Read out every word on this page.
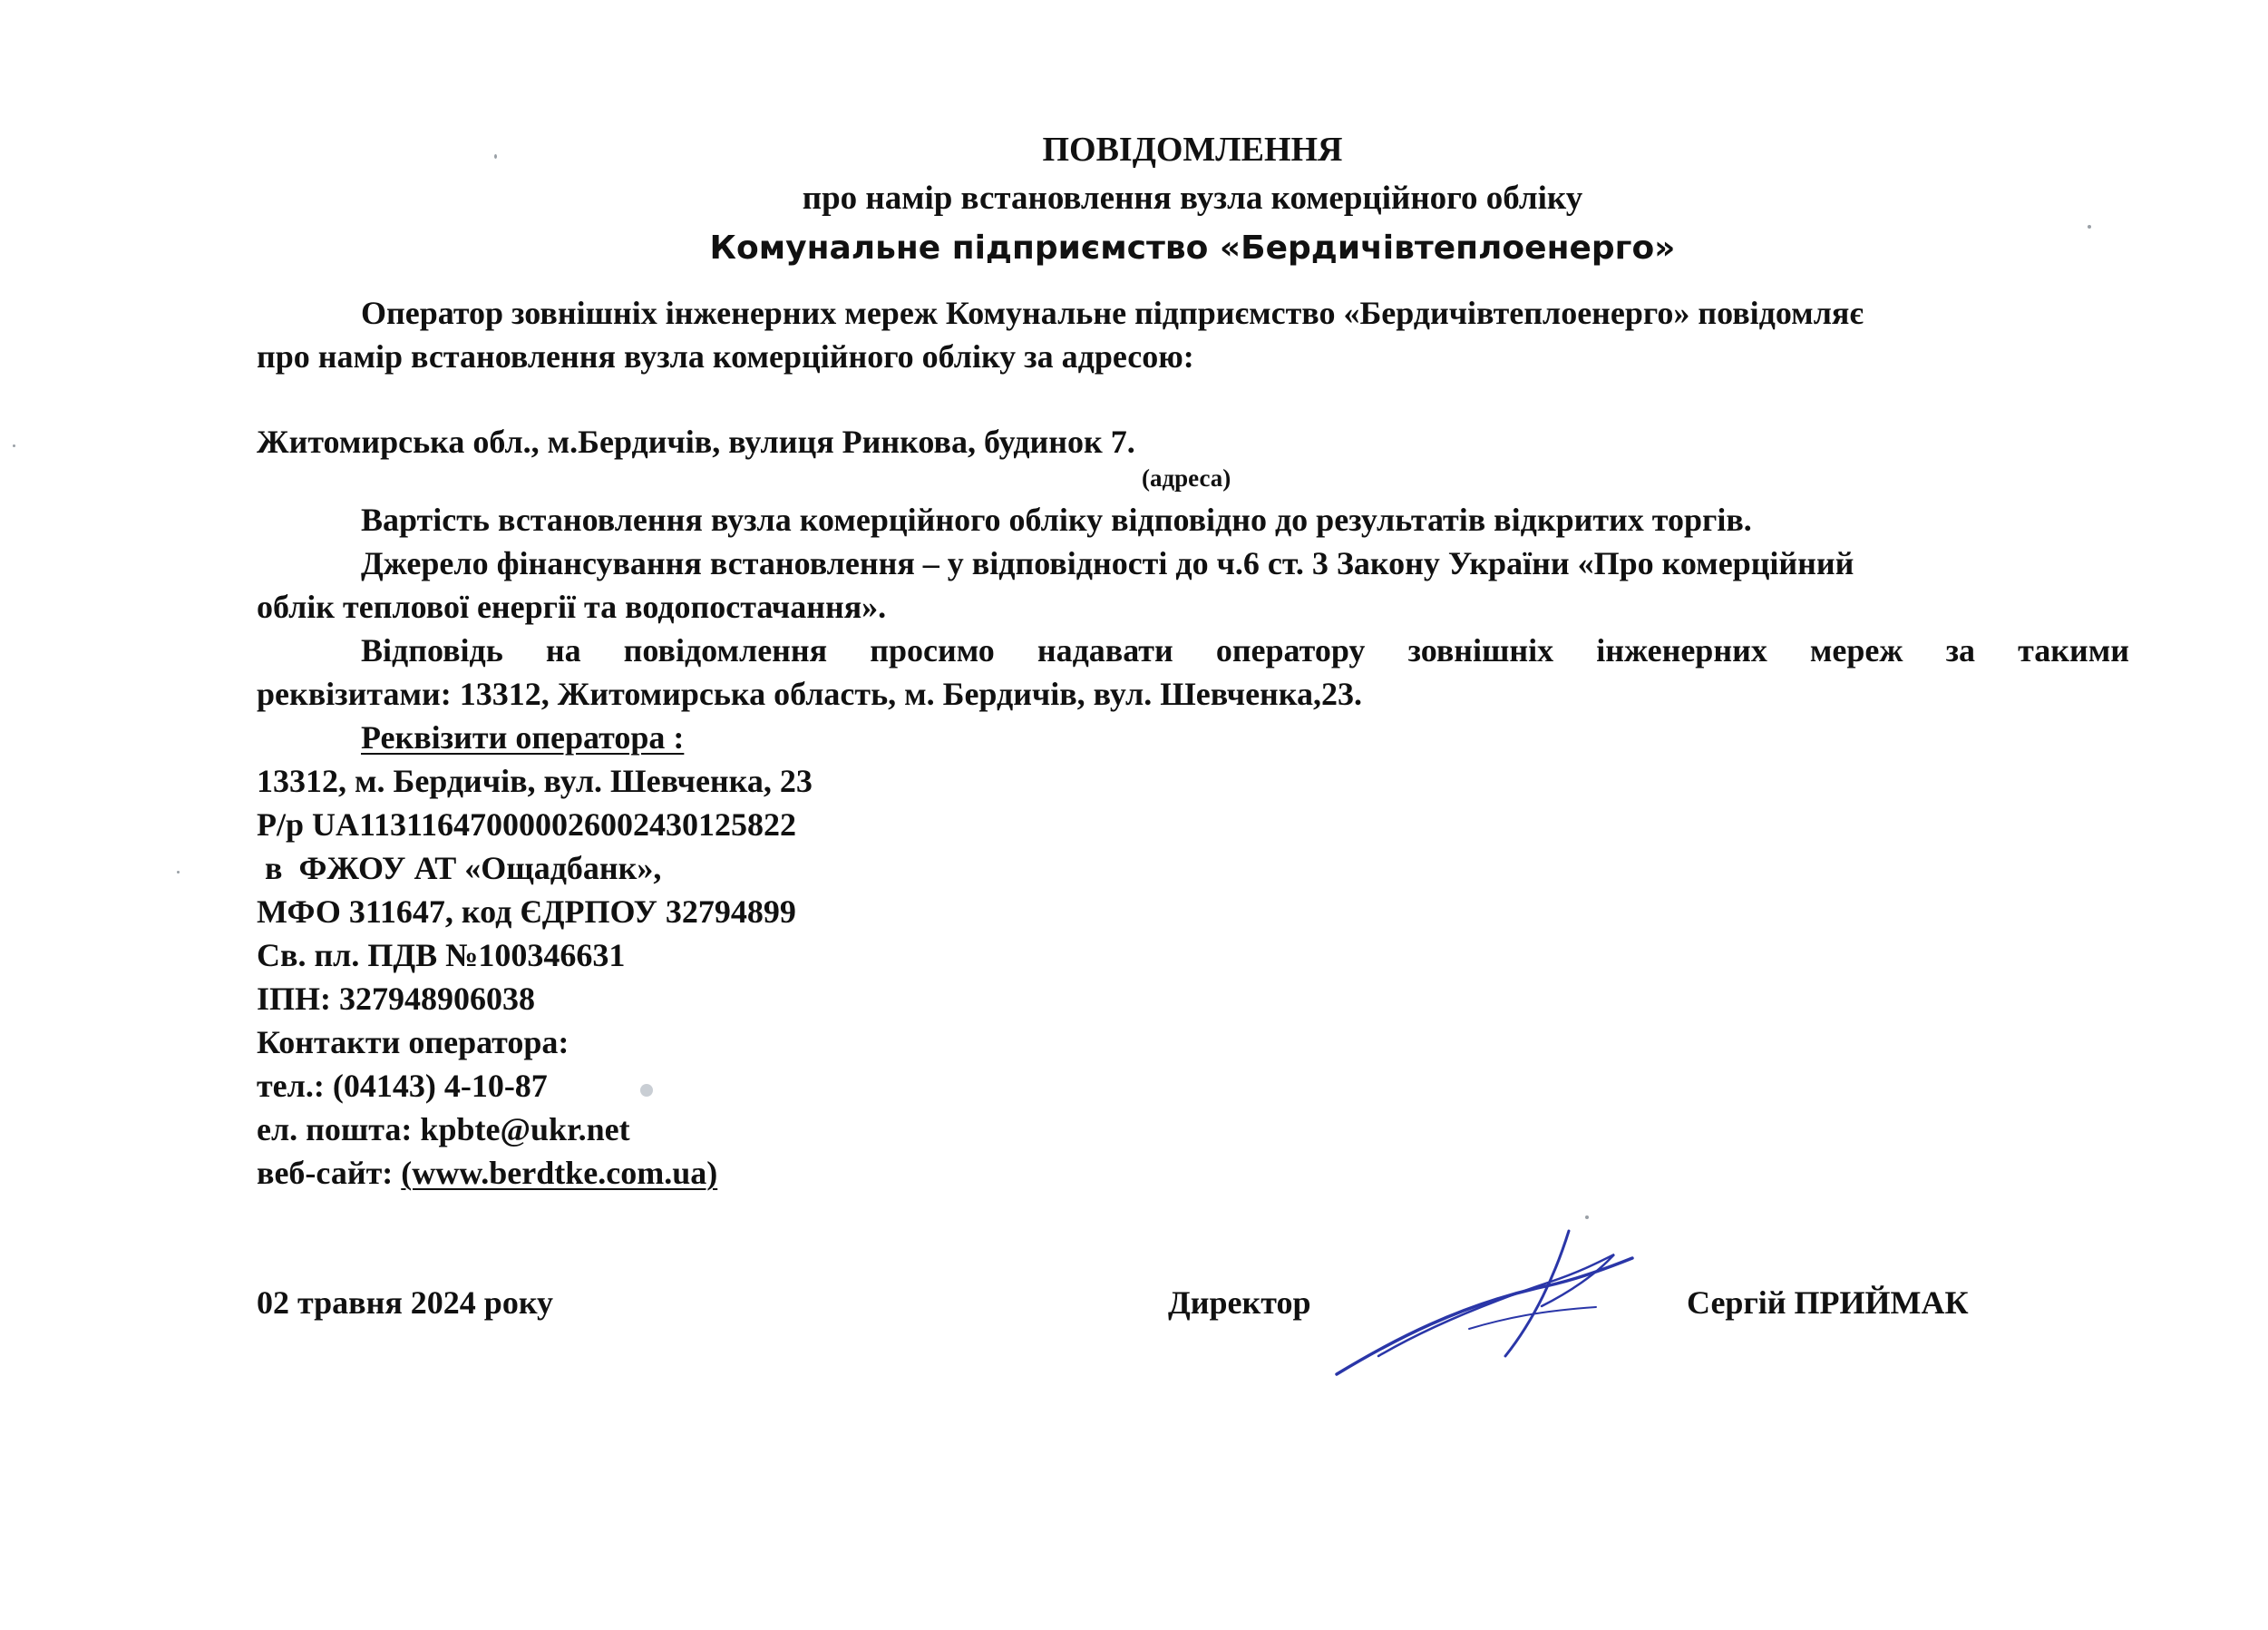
ПОВІДОМЛЕННЯ
про намір встановлення вузла комерційного обліку
Комунальне підприємство «Бердичівтеплоенерго»
Оператор зовнішніх інженерних мереж Комунальне підприємство «Бердичівтеплоенерго» повідомляє
про намір встановлення вузла комерційного обліку за адресою:
Житомирська обл., м.Бердичів, вулиця Ринкова, будинок 7.
(адреса)
Вартість встановлення вузла комерційного обліку відповідно до результатів відкритих торгів.
Джерело фінансування встановлення – у відповідності до ч.6 ст. 3 Закону України «Про комерційний
облік теплової енергії та водопостачання».
Відповідь на повідомлення просимо надавати оператору зовнішніх інженерних мереж за такими
реквізитами: 13312, Житомирська область, м. Бердичів, вул. Шевченка,23.
Реквізити оператора :
13312, м. Бердичів, вул. Шевченка, 23
Р/р UA113116470000026002430125822
в  ФЖОУ АТ «Ощадбанк»,
МФО 311647, код ЄДРПОУ 32794899
Св. пл. ПДВ №100346631
ІПН: 327948906038
Контакти оператора:
тел.: (04143) 4-10-87
ел. пошта: kpbte@ukr.net
веб-сайт: (www.berdtke.com.ua)
02 травня 2024 року	Директор	Сергій ПРИЙМАК
